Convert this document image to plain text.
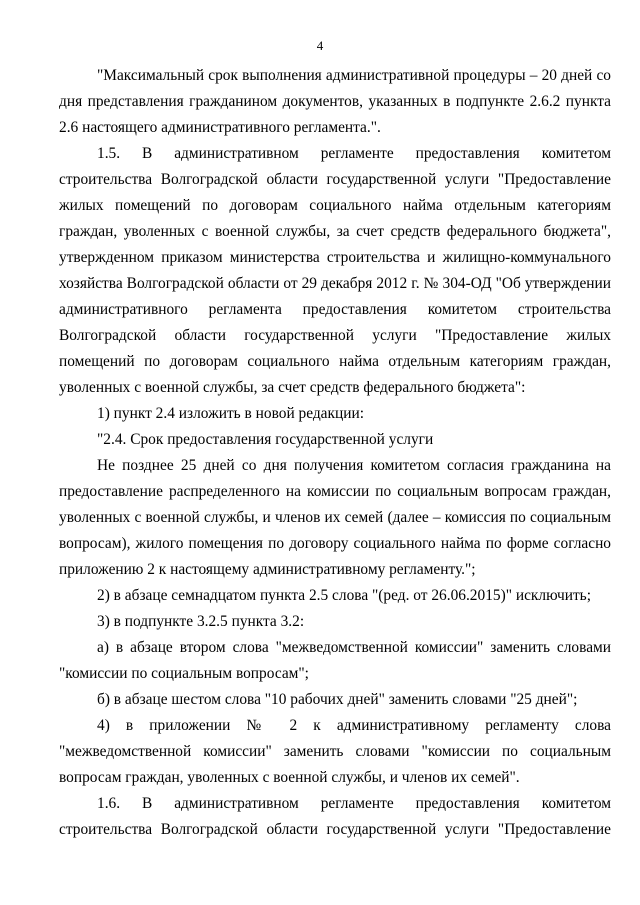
4

"Максимальный срок выполнения административной процедуры – 20 дней со дня представления гражданином документов, указанных в подпункте 2.6.2 пункта 2.6 настоящего административного регламента.".

1.5. В административном регламенте предоставления комитетом строительства Волгоградской области государственной услуги "Предоставление жилых помещений по договорам социального найма отдельным категориям граждан, уволенных с военной службы, за счет средств федерального бюджета", утвержденном приказом министерства строительства и жилищно-коммунального хозяйства Волгоградской области от 29 декабря 2012 г. № 304-ОД "Об утверждении административного регламента предоставления комитетом строительства Волгоградской области государственной услуги "Предоставление жилых помещений по договорам социального найма отдельным категориям граждан, уволенных с военной службы, за счет средств федерального бюджета":

1) пункт 2.4 изложить в новой редакции:

"2.4. Срок предоставления государственной услуги

Не позднее 25 дней со дня получения комитетом согласия гражданина на предоставление распределенного на комиссии по социальным вопросам граждан, уволенных с военной службы, и членов их семей (далее – комиссия по социальным вопросам), жилого помещения по договору социального найма по форме согласно приложению 2 к настоящему административному регламенту.";

2) в абзаце семнадцатом пункта 2.5 слова "(ред. от 26.06.2015)" исключить;

3) в подпункте 3.2.5 пункта 3.2:

а) в абзаце втором слова "межведомственной комиссии" заменить словами "комиссии по социальным вопросам";

б) в абзаце шестом слова "10 рабочих дней" заменить словами "25 дней";

4) в приложении № 2 к административному регламенту слова "межведомственной комиссии" заменить словами "комиссии по социальным вопросам граждан, уволенных с военной службы, и членов их семей".

1.6. В административном регламенте предоставления комитетом строительства Волгоградской области государственной услуги "Предоставление
